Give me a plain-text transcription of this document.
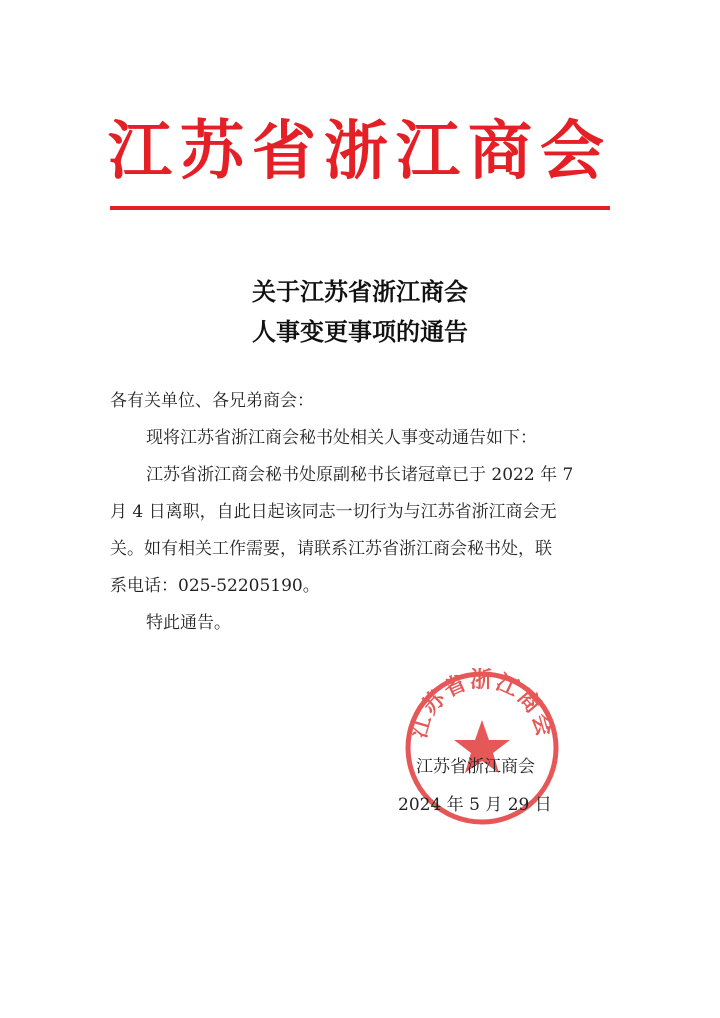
江苏省浙江商会
关于江苏省浙江商会
人事变更事项的通告
各有关单位、各兄弟商会：
现将江苏省浙江商会秘书处相关人事变动通告如下：
江苏省浙江商会秘书处原副秘书长诸冠章已于 2022 年 7
月 4 日离职，自此日起该同志一切行为与江苏省浙江商会无
关。如有相关工作需要，请联系江苏省浙江商会秘书处，联
系电话：025-52205190。
特此通告。
江苏省浙江商会
江苏省浙江商会
2024 年 5 月 29 日
